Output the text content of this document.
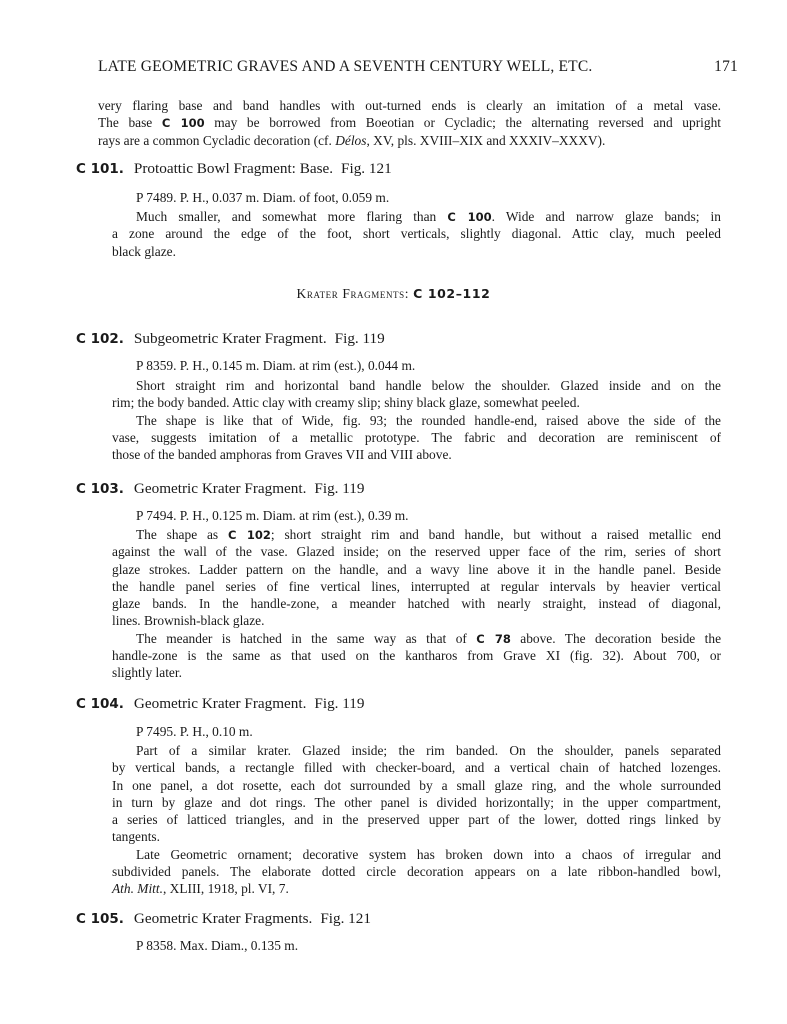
LATE GEOMETRIC GRAVES AND A SEVENTH CENTURY WELL, ETC.	171
very flaring base and band handles with out-turned ends is clearly an imitation of a metal vase.
The base C 100 may be borrowed from Boeotian or Cycladic; the alternating reversed and upright
rays are a common Cycladic decoration (cf. Délos, XV, pls. XVIII–XIX and XXXIV–XXXV).
C 101. Protoattic Bowl Fragment: Base. Fig. 121
P 7489. P. H., 0.037 m. Diam. of foot, 0.059 m.
Much smaller, and somewhat more flaring than C 100. Wide and narrow glaze bands; in
a zone around the edge of the foot, short verticals, slightly diagonal. Attic clay, much peeled
black glaze.
Krater Fragments: C 102–112
C 102. Subgeometric Krater Fragment. Fig. 119
P 8359. P. H., 0.145 m. Diam. at rim (est.), 0.044 m.
Short straight rim and horizontal band handle below the shoulder. Glazed inside and on the
rim; the body banded. Attic clay with creamy slip; shiny black glaze, somewhat peeled.
The shape is like that of Wide, fig. 93; the rounded handle-end, raised above the side of the
vase, suggests imitation of a metallic prototype. The fabric and decoration are reminiscent of
those of the banded amphoras from Graves VII and VIII above.
C 103. Geometric Krater Fragment. Fig. 119
P 7494. P. H., 0.125 m. Diam. at rim (est.), 0.39 m.
The shape as C 102; short straight rim and band handle, but without a raised metallic end
against the wall of the vase. Glazed inside; on the reserved upper face of the rim, series of short
glaze strokes. Ladder pattern on the handle, and a wavy line above it in the handle panel. Beside
the handle panel series of fine vertical lines, interrupted at regular intervals by heavier vertical
glaze bands. In the handle-zone, a meander hatched with nearly straight, instead of diagonal,
lines. Brownish-black glaze.
The meander is hatched in the same way as that of C 78 above. The decoration beside the
handle-zone is the same as that used on the kantharos from Grave XI (fig. 32). About 700, or
slightly later.
C 104. Geometric Krater Fragment. Fig. 119
P 7495. P. H., 0.10 m.
Part of a similar krater. Glazed inside; the rim banded. On the shoulder, panels separated
by vertical bands, a rectangle filled with checker-board, and a vertical chain of hatched lozenges.
In one panel, a dot rosette, each dot surrounded by a small glaze ring, and the whole surrounded
in turn by glaze and dot rings. The other panel is divided horizontally; in the upper compartment,
a series of latticed triangles, and in the preserved upper part of the lower, dotted rings linked by
tangents.
Late Geometric ornament; decorative system has broken down into a chaos of irregular and
subdivided panels. The elaborate dotted circle decoration appears on a late ribbon-handled bowl,
Ath. Mitt., XLIII, 1918, pl. VI, 7.
C 105. Geometric Krater Fragments. Fig. 121
P 8358. Max. Diam., 0.135 m.
